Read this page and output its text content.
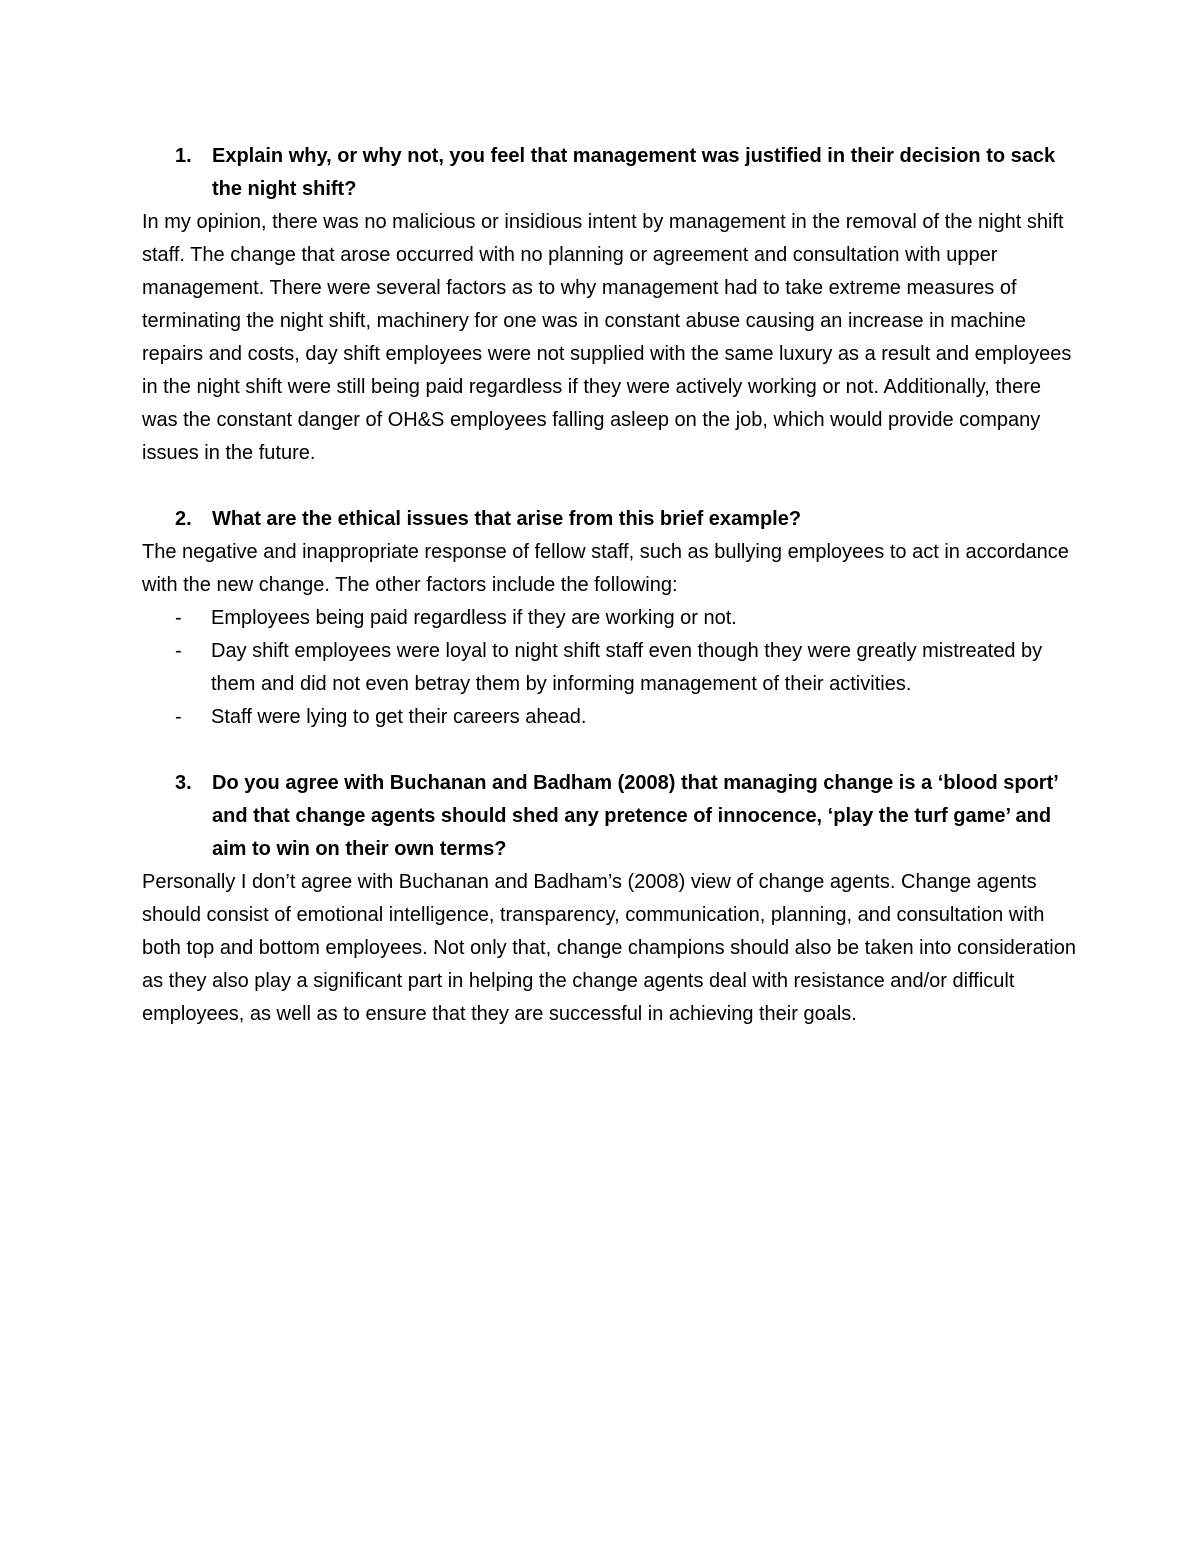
1.	Explain why, or why not, you feel that management was justified in their decision to sack the night shift?

In my opinion, there was no malicious or insidious intent by management in the removal of the night shift staff. The change that arose occurred with no planning or agreement and consultation with upper management. There were several factors as to why management had to take extreme measures of terminating the night shift, machinery for one was in constant abuse causing an increase in machine repairs and costs, day shift employees were not supplied with the same luxury as a result and employees in the night shift were still being paid regardless if they were actively working or not. Additionally, there was the constant danger of OH&S employees falling asleep on the job, which would provide company issues in the future.

2.	What are the ethical issues that arise from this brief example?

The negative and inappropriate response of fellow staff, such as bullying employees to act in accordance with the new change. The other factors include the following:

-	Employees being paid regardless if they are working or not.
-	Day shift employees were loyal to night shift staff even though they were greatly mistreated by them and did not even betray them by informing management of their activities.
-	Staff were lying to get their careers ahead.
3.	Do you agree with Buchanan and Badham (2008) that managing change is a ‘blood sport’ and that change agents should shed any pretence of innocence, ‘play the turf game’ and aim to win on their own terms?

Personally I don’t agree with Buchanan and Badham’s (2008) view of change agents. Change agents should consist of emotional intelligence, transparency, communication, planning, and consultation with both top and bottom employees. Not only that, change champions should also be taken into consideration as they also play a significant part in helping the change agents deal with resistance and/or difficult employees, as well as to ensure that they are successful in achieving their goals.
